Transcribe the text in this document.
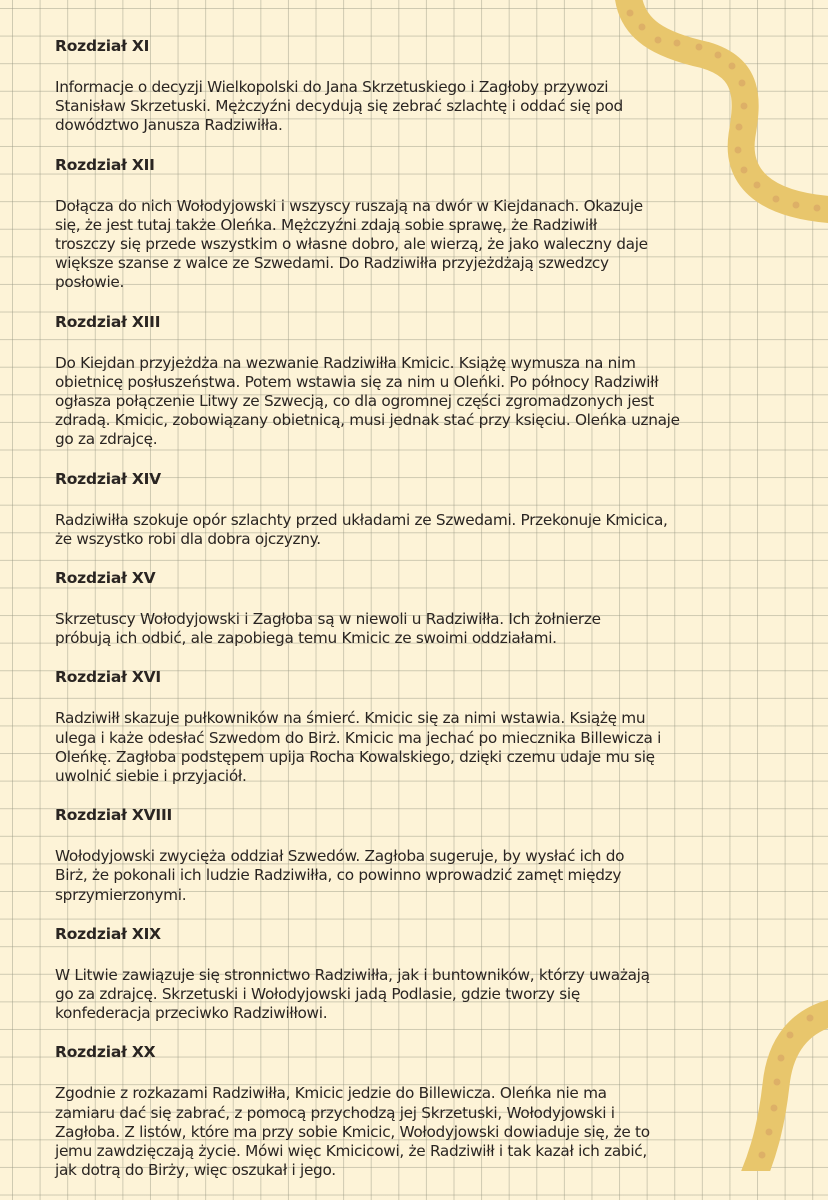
Rozdział XI
Informacje o decyzji Wielkopolski do Jana Skrzetuskiego i Zagłoby przywozi
Stanisław Skrzetuski. Mężczyźni decydują się zebrać szlachtę i oddać się pod
dowództwo Janusza Radziwiłła.
Rozdział XII
Dołącza do nich Wołodyjowski i wszyscy ruszają na dwór w Kiejdanach. Okazuje
się, że jest tutaj także Oleńka. Mężczyźni zdają sobie sprawę, że Radziwiłł
troszczy się przede wszystkim o własne dobro, ale wierzą, że jako waleczny daje
większe szanse z walce ze Szwedami. Do Radziwiłła przyjeżdżają szwedzcy
posłowie.
Rozdział XIII
Do Kiejdan przyjeżdża na wezwanie Radziwiłła Kmicic. Książę wymusza na nim
obietnicę posłuszeństwa. Potem wstawia się za nim u Oleńki. Po północy Radziwiłł
ogłasza połączenie Litwy ze Szwecją, co dla ogromnej części zgromadzonych jest
zdradą. Kmicic, zobowiązany obietnicą, musi jednak stać przy księciu. Oleńka uznaje
go za zdrajcę.
Rozdział XIV
Radziwiłła szokuje opór szlachty przed układami ze Szwedami. Przekonuje Kmicica,
że wszystko robi dla dobra ojczyzny.
Rozdział XV
Skrzetuscy Wołodyjowski i Zagłoba są w niewoli u Radziwiłła. Ich żołnierze
próbują ich odbić, ale zapobiega temu Kmicic ze swoimi oddziałami.
Rozdział XVI
Radziwiłł skazuje pułkowników na śmierć. Kmicic się za nimi wstawia. Książę mu
ulega i każe odesłać Szwedom do Birż. Kmicic ma jechać po miecznika Billewicza i
Oleńkę. Zagłoba podstępem upija Rocha Kowalskiego, dzięki czemu udaje mu się
uwolnić siebie i przyjaciół.
Rozdział XVIII
Wołodyjowski zwycięża oddział Szwedów. Zagłoba sugeruje, by wysłać ich do
Birż, że pokonali ich ludzie Radziwiłła, co powinno wprowadzić zamęt między
sprzymierzonymi.
Rozdział XIX
W Litwie zawiązuje się stronnictwo Radziwiłła, jak i buntowników, którzy uważają
go za zdrajcę. Skrzetuski i Wołodyjowski jadą Podlasie, gdzie tworzy się
konfederacja przeciwko Radziwiłłowi.
Rozdział XX
Zgodnie z rozkazami Radziwiłła, Kmicic jedzie do Billewicza. Oleńka nie ma
zamiaru dać się zabrać, z pomocą przychodzą jej Skrzetuski, Wołodyjowski i
Zagłoba. Z listów, które ma przy sobie Kmicic, Wołodyjowski dowiaduje się, że to
jemu zawdzięczają życie. Mówi więc Kmicicowi, że Radziwiłł i tak kazał ich zabić,
jak dotrą do Birży, więc oszukał i jego.
